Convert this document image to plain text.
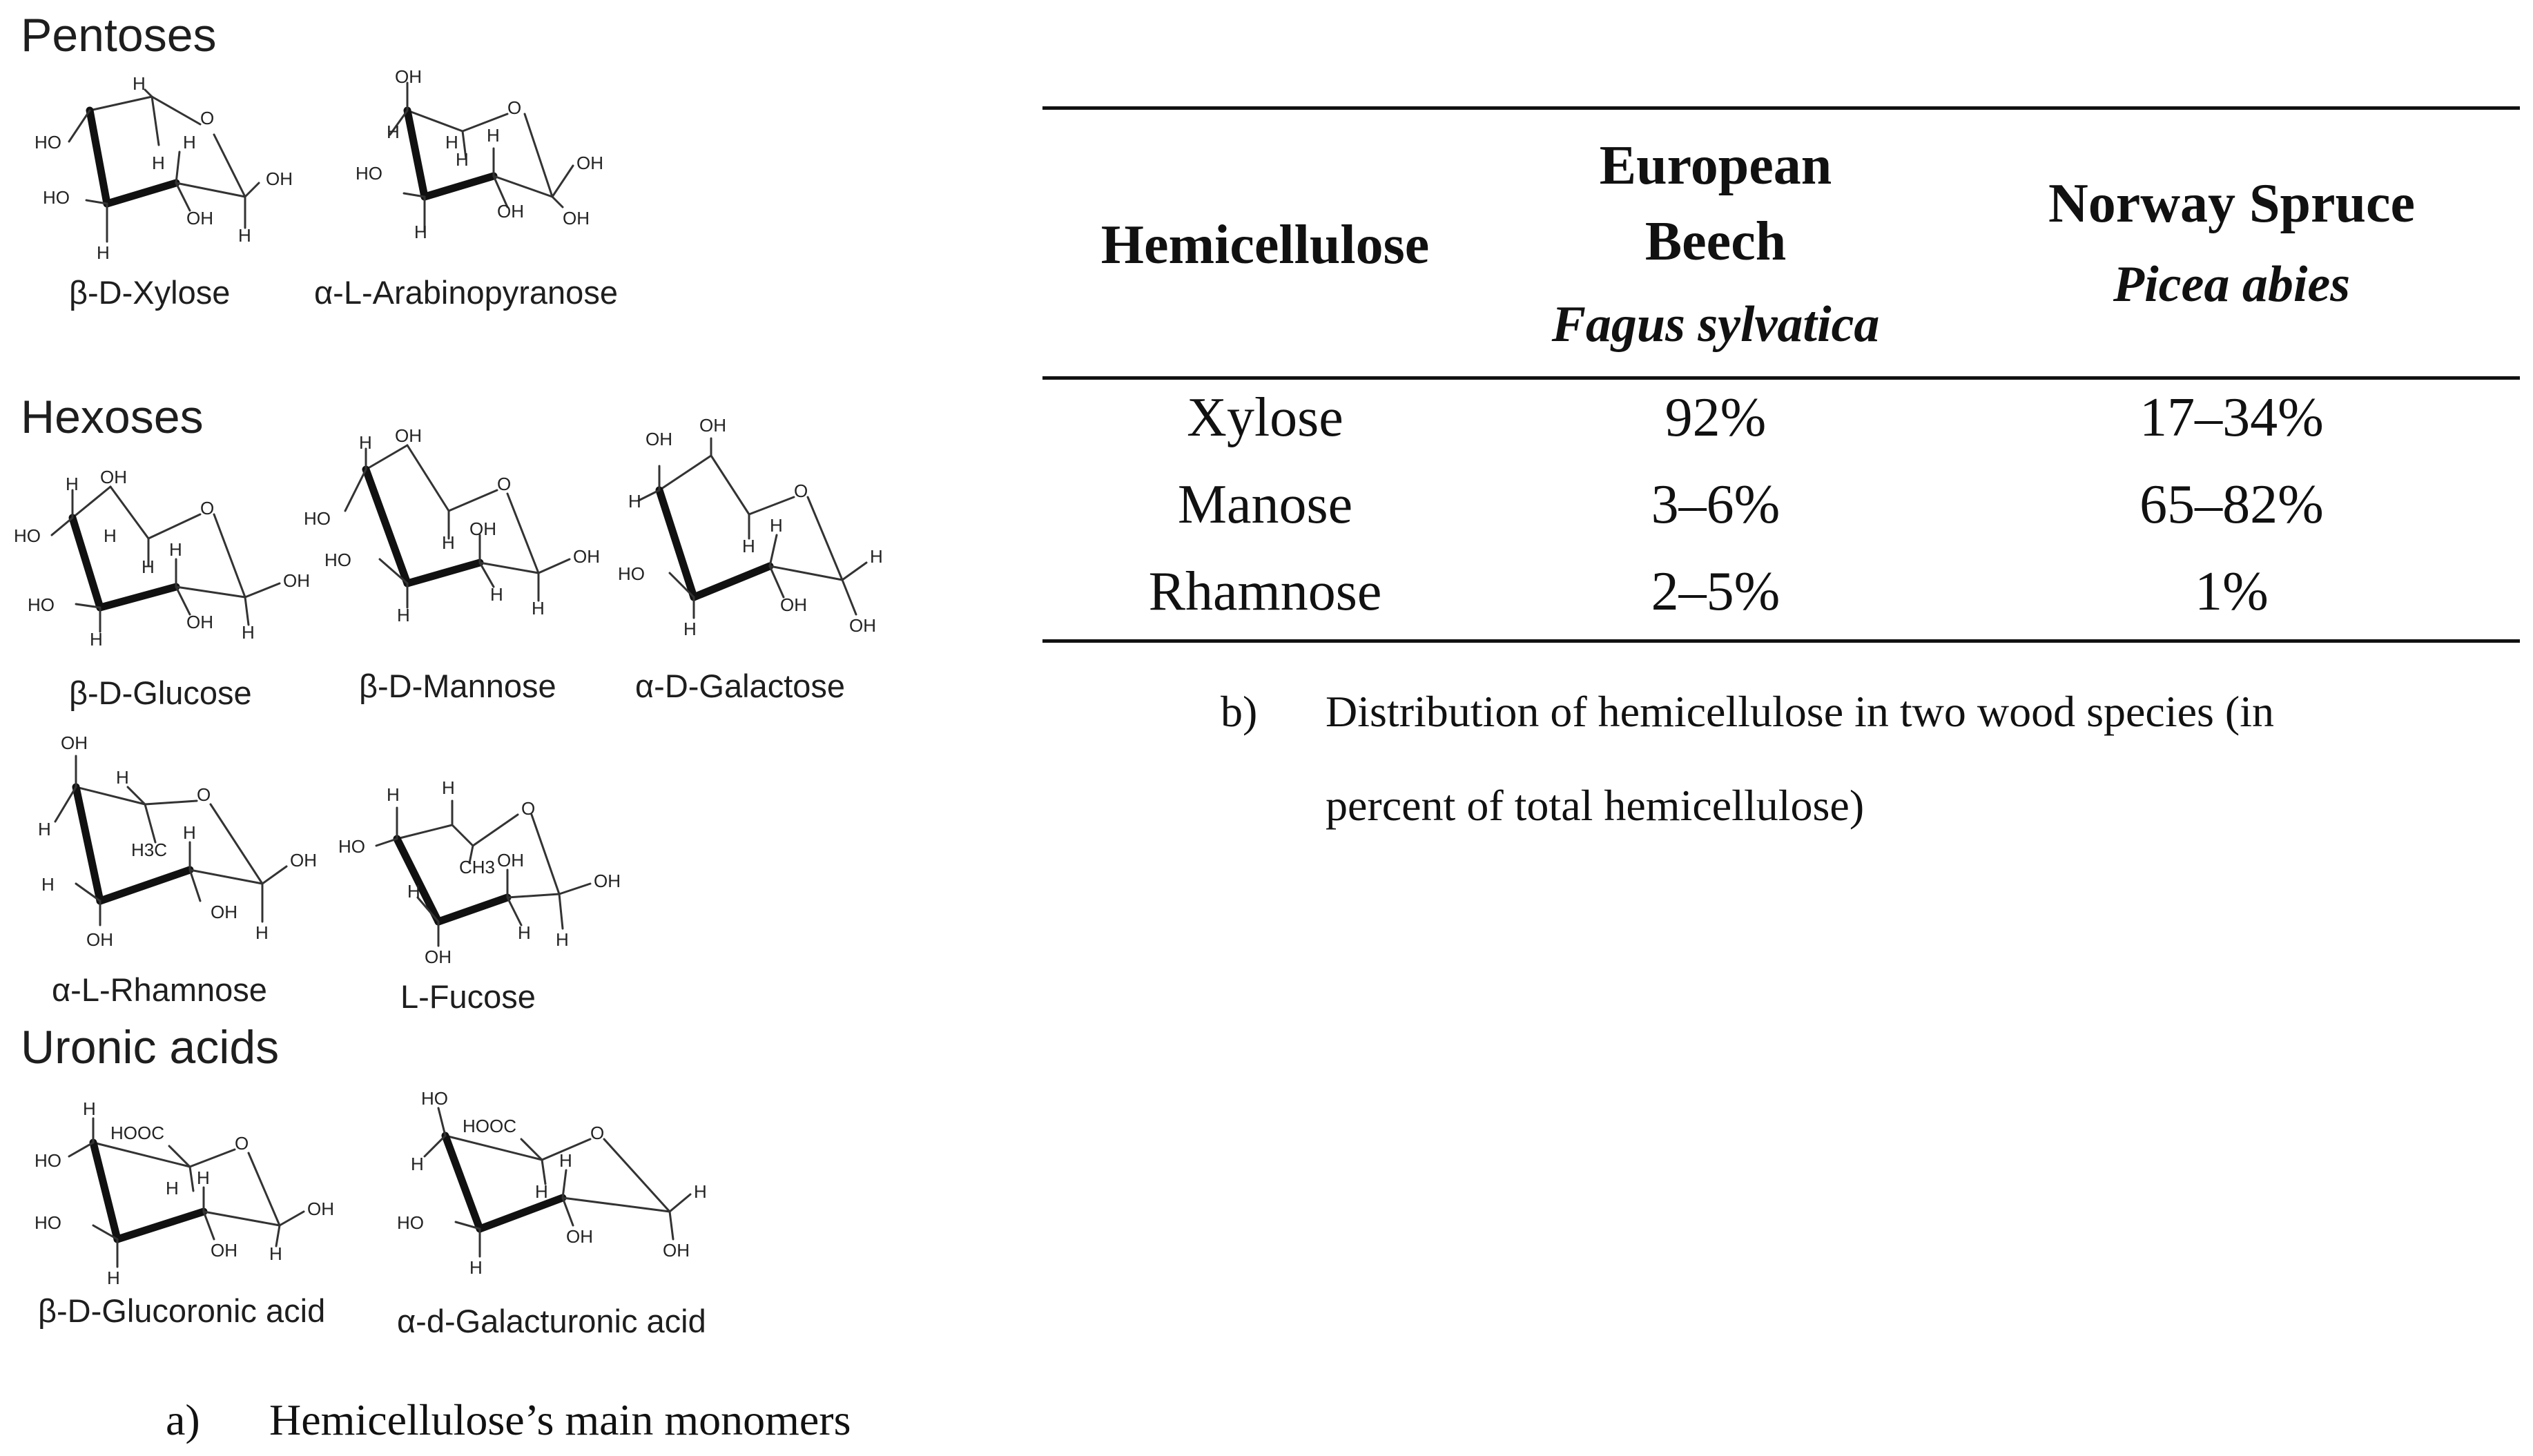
Pentoses
Hexoses
Uronic acids
H
O
HO
H
H
HO
OH
OH
H
H
β-D-Xylose
OH
O
H	H
H
H
HO	OH
OH OH
H
α-L-Arabinopyranose
OH
O
H
HO	H
H
H
HO
OH
OH
H	H
β-D-Glucose
OH
O
H
HO
H
OH
HO
H
OH
H	H
β-D-Mannose
OH
OH
O
H
H
H
HO
OH
H
OH
H
α-D-Galactose
OH
O
H
H
H3C
H
H
OH
OH
OH	H
α-L-Rhamnose
H H
O
HO
CH3 OH
H
H
OH
OH
H
L-Fucose
H
HOOC	O
HO
H H
HO
OH
OH
H
H
β-D-Glucoronic acid
HO
HOOC	O
H
H
H
HO
OH
H
OH
H
α-d-Galacturonic acid
a) Hemicellulose’s main monomers
Hemicellulose
European
Beech
Fagus sylvatica
Norway Spruce
Picea abies
Xylose	92%	17–34%
Manose	3–6%	65–82%
Rhamnose	2–5%	1%
b) Distribution of hemicellulose in two wood species (in
percent of total hemicellulose)
